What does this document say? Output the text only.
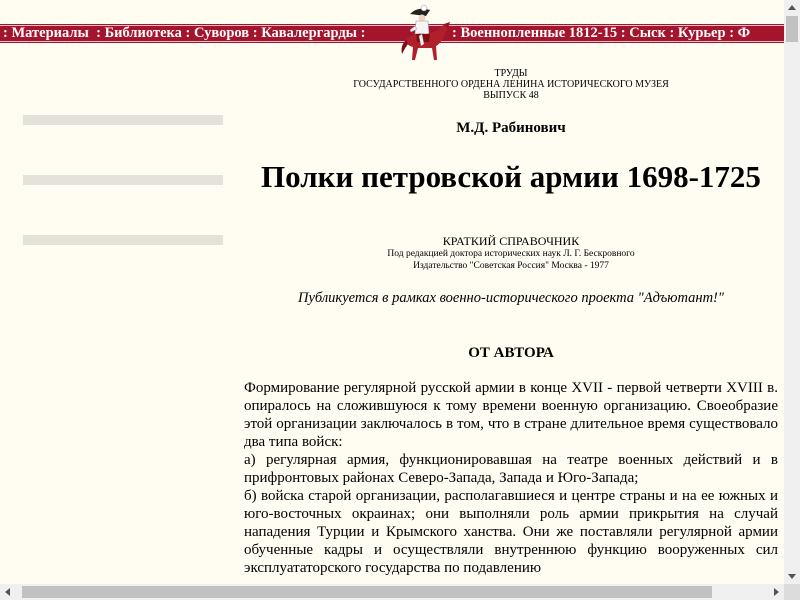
: Материалы : Библиотека : Суворов : Кавалергарды :	: Военнопленные 1812-15 : Сыск : Курьер : Ф
ТРУДЫ
ГОСУДАРСТВЕННОГО ОРДЕНА ЛЕНИНА ИСТОРИЧЕСКОГО МУЗЕЯ
ВЫПУСК 48
М.Д. Рабинович
Полки петровской армии 1698-1725
КРАТКИЙ СПРАВОЧНИК
Под редакцией доктора исторических наук Л. Г. Бескровного
Издательство "Советская Россия" Москва - 1977
Публикуется в рамках военно-исторического проекта "Адъютант!"
ОТ АВТОРА

Формирование регулярной русской армии в конце XVII - первой четверти XVIII в. опиралось на сложившуюся к тому времени военную организацию. Своеобразие этой организации заключалось в том, что в стране длительное время существовало два типа войск:

а) регулярная армия, функционировавшая на театре военных действий и в прифронтовых районах Северо-Запада, Запада и Юго-Запада;

б) войска старой организации, располагавшиеся и центре страны и на ее южных и юго-восточных окраинах; они выполняли роль армии прикрытия на случай нападения Турции и Крымского ханства. Они же поставляли регулярной армии обученные кадры и осуществляли внутреннюю функцию вооруженных сил эксплуататорского государства по подавлению
